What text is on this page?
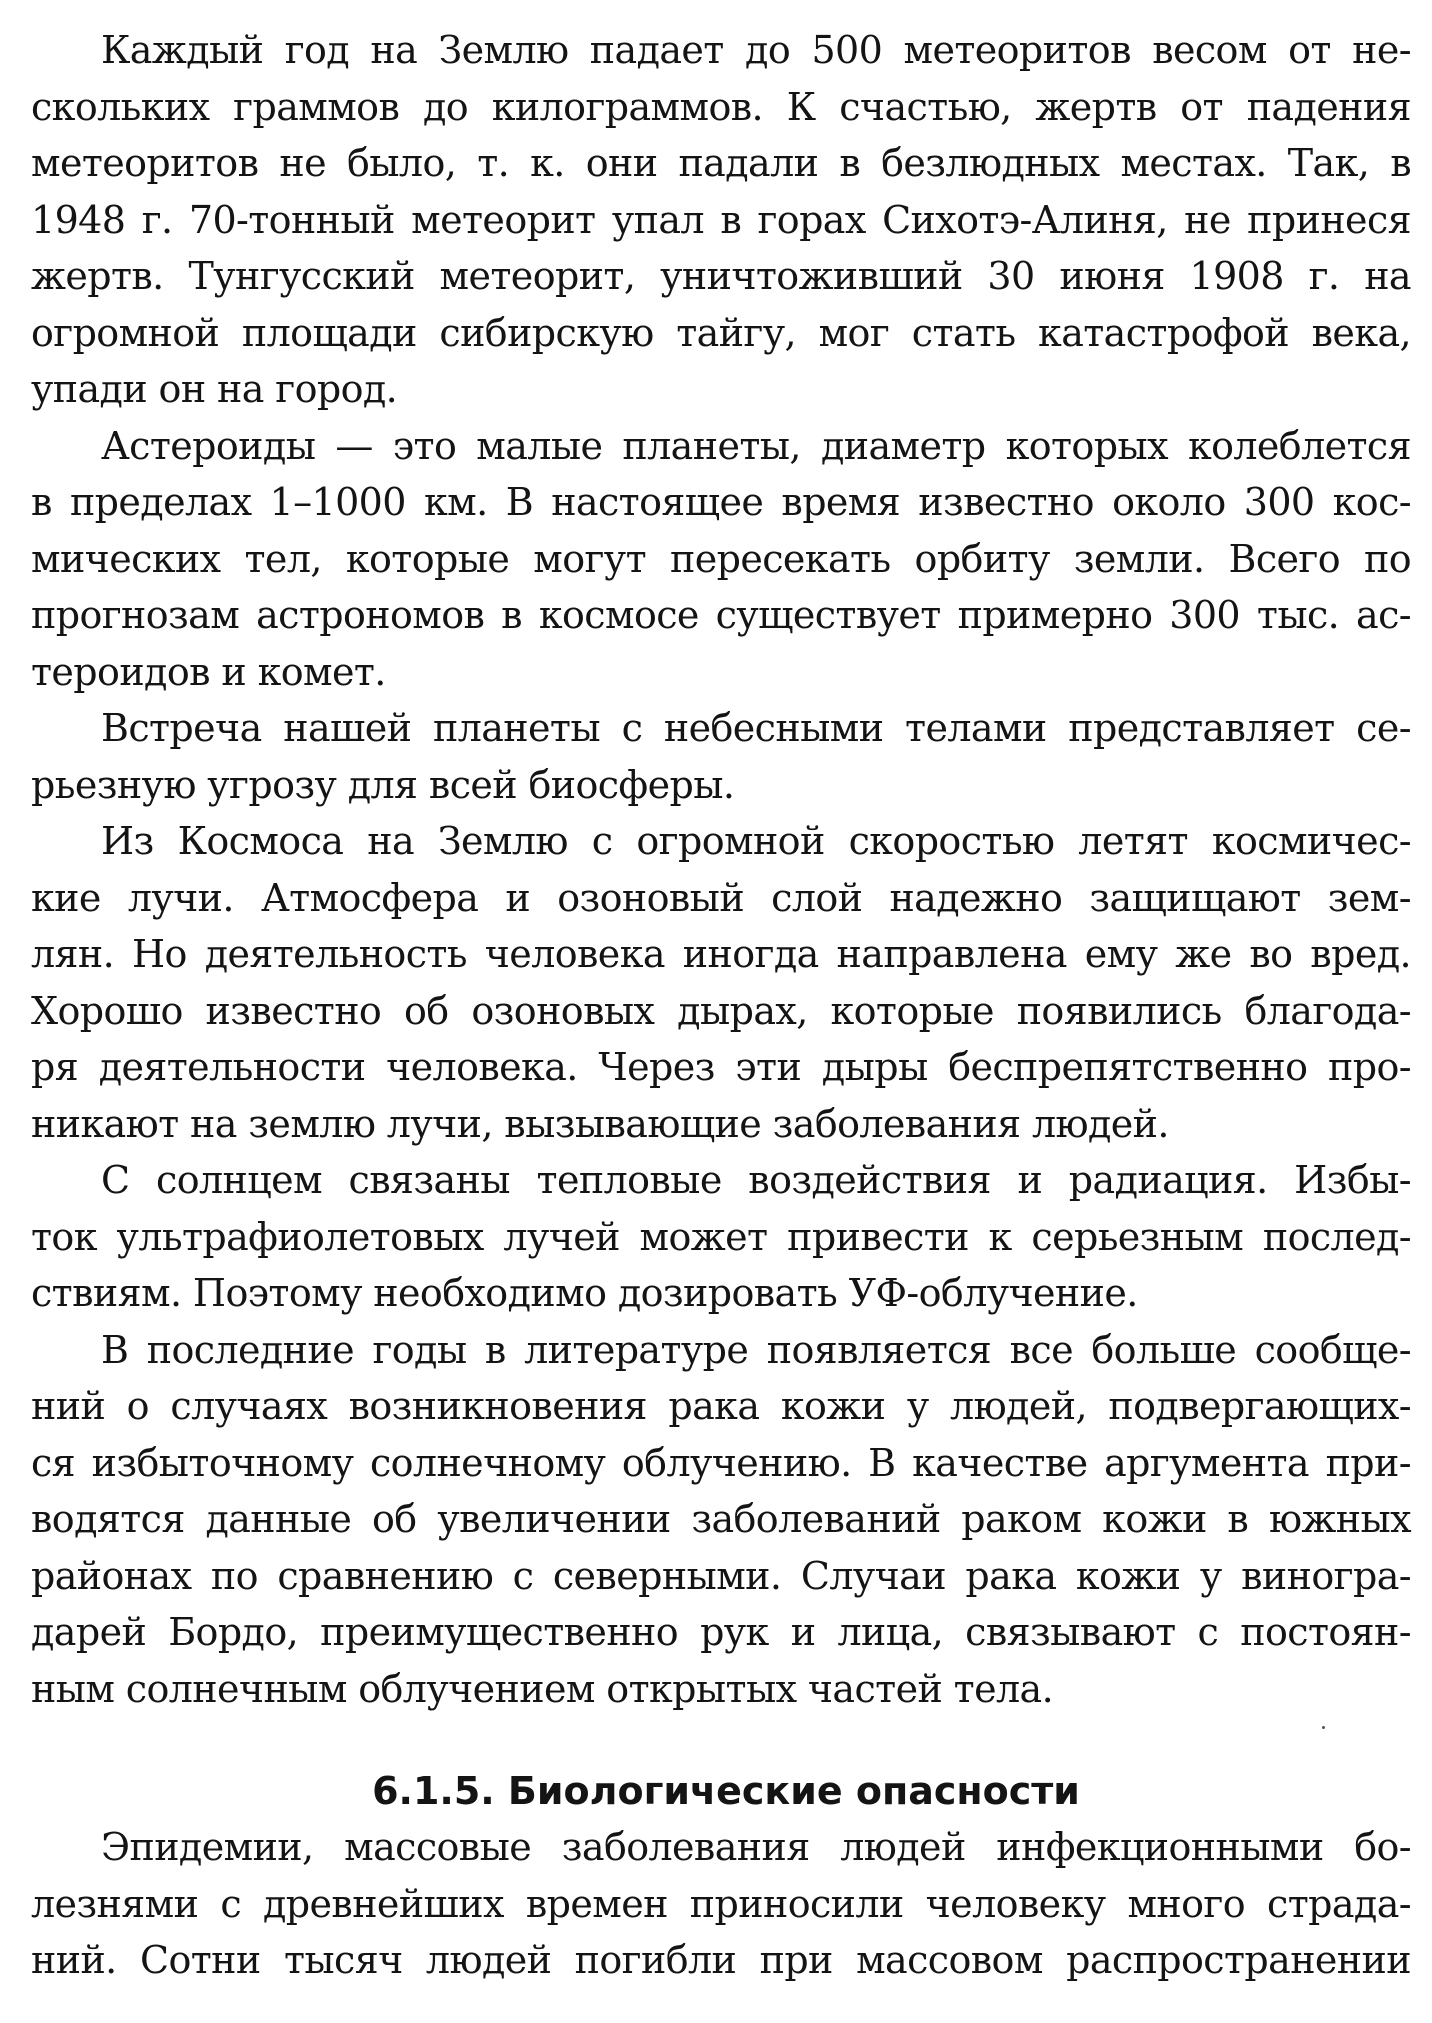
Каждый год на Землю падает до 500 метеоритов весом от не-
скольких граммов до килограммов. К счастью, жертв от падения
метеоритов не было, т. к. они падали в безлюдных местах. Так, в
1948 г. 70-тонный метеорит упал в горах Сихотэ-Алиня, не принеся
жертв. Тунгусский метеорит, уничтоживший 30 июня 1908 г. на
огромной площади сибирскую тайгу, мог стать катастрофой века,
упади он на город.
Астероиды — это малые планеты, диаметр которых колеблется
в пределах 1–1000 км. В настоящее время известно около 300 кос-
мических тел, которые могут пересекать орбиту земли. Всего по
прогнозам астрономов в космосе существует примерно 300 тыс. ас-
тероидов и комет.
Встреча нашей планеты с небесными телами представляет се-
рьезную угрозу для всей биосферы.
Из Космоса на Землю с огромной скоростью летят космичес-
кие лучи. Атмосфера и озоновый слой надежно защищают зем-
лян. Но деятельность человека иногда направлена ему же во вред.
Хорошо известно об озоновых дырах, которые появились благода-
ря деятельности человека. Через эти дыры беспрепятственно про-
никают на землю лучи, вызывающие заболевания людей.
С солнцем связаны тепловые воздействия и радиация. Избы-
ток ультрафиолетовых лучей может привести к серьезным послед-
ствиям. Поэтому необходимо дозировать УФ-облучение.
В последние годы в литературе появляется все больше сообще-
ний о случаях возникновения рака кожи у людей, подвергающих-
ся избыточному солнечному облучению. В качестве аргумента при-
водятся данные об увеличении заболеваний раком кожи в южных
районах по сравнению с северными. Случаи рака кожи у виногра-
дарей Бордо, преимущественно рук и лица, связывают с постоян-
ным солнечным облучением открытых частей тела.
6.1.5. Биологические опасности
Эпидемии, массовые заболевания людей инфекционными бо-
лезнями с древнейших времен приносили человеку много страда-
ний. Сотни тысяч людей погибли при массовом распространении
